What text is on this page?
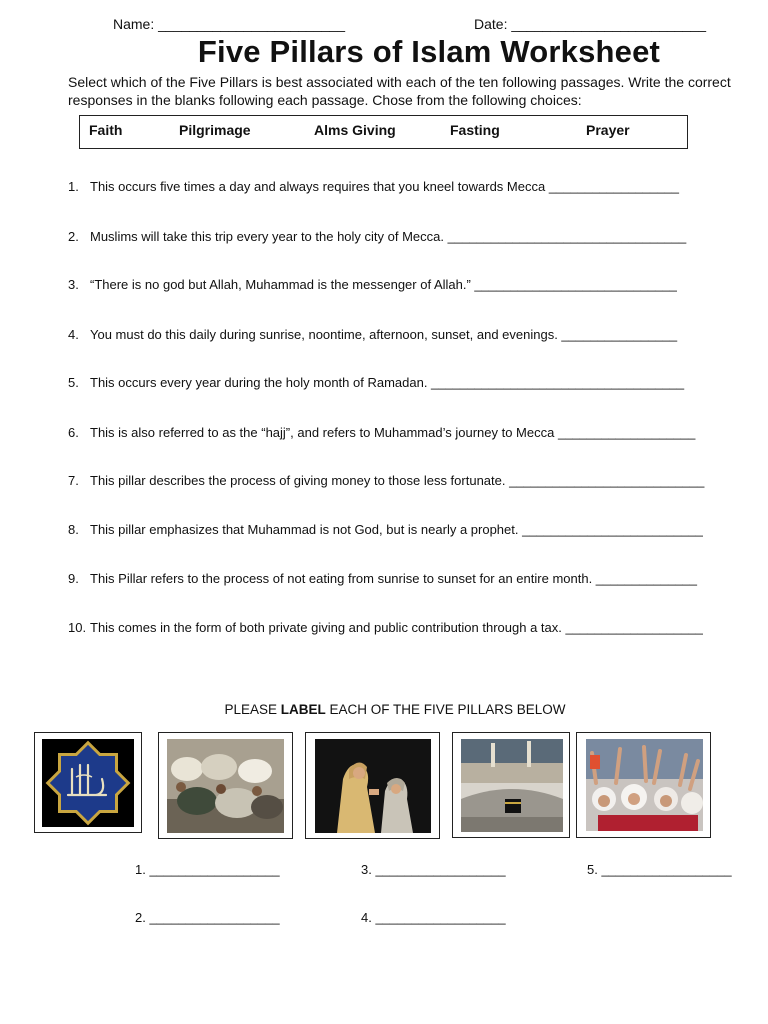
Name: ________________________	Date: _________________________
Five Pillars of Islam Worksheet
Select which of the Five Pillars is best associated with each of the ten following passages. Write the correct responses in the blanks following each passage. Chose from the following choices:
Faith	Pilgrimage	Alms Giving	Fasting	Prayer
1. This occurs five times a day and always requires that you kneel towards Mecca __________________
2. Muslims will take this trip every year to the holy city of Mecca. _________________________________
3. “There is no god but Allah, Muhammad is the messenger of Allah.” ____________________________
4. You must do this daily during sunrise, noontime, afternoon, sunset, and evenings. ________________
5. This occurs every year during the holy month of Ramadan. ___________________________________
6. This is also referred to as the “hajj”, and refers to Muhammad’s journey to Mecca ___________________
7. This pillar describes the process of giving money to those less fortunate. ___________________________
8. This pillar emphasizes that Muhammad is not God, but is nearly a prophet. _________________________
9. This Pillar refers to the process of not eating from sunrise to sunset for an entire month. ______________
10. This comes in the form of both private giving and public contribution through a tax. ___________________
PLEASE LABEL EACH OF THE FIVE PILLARS BELOW
1. __________________	3. __________________	5. __________________
2. __________________	4. __________________
